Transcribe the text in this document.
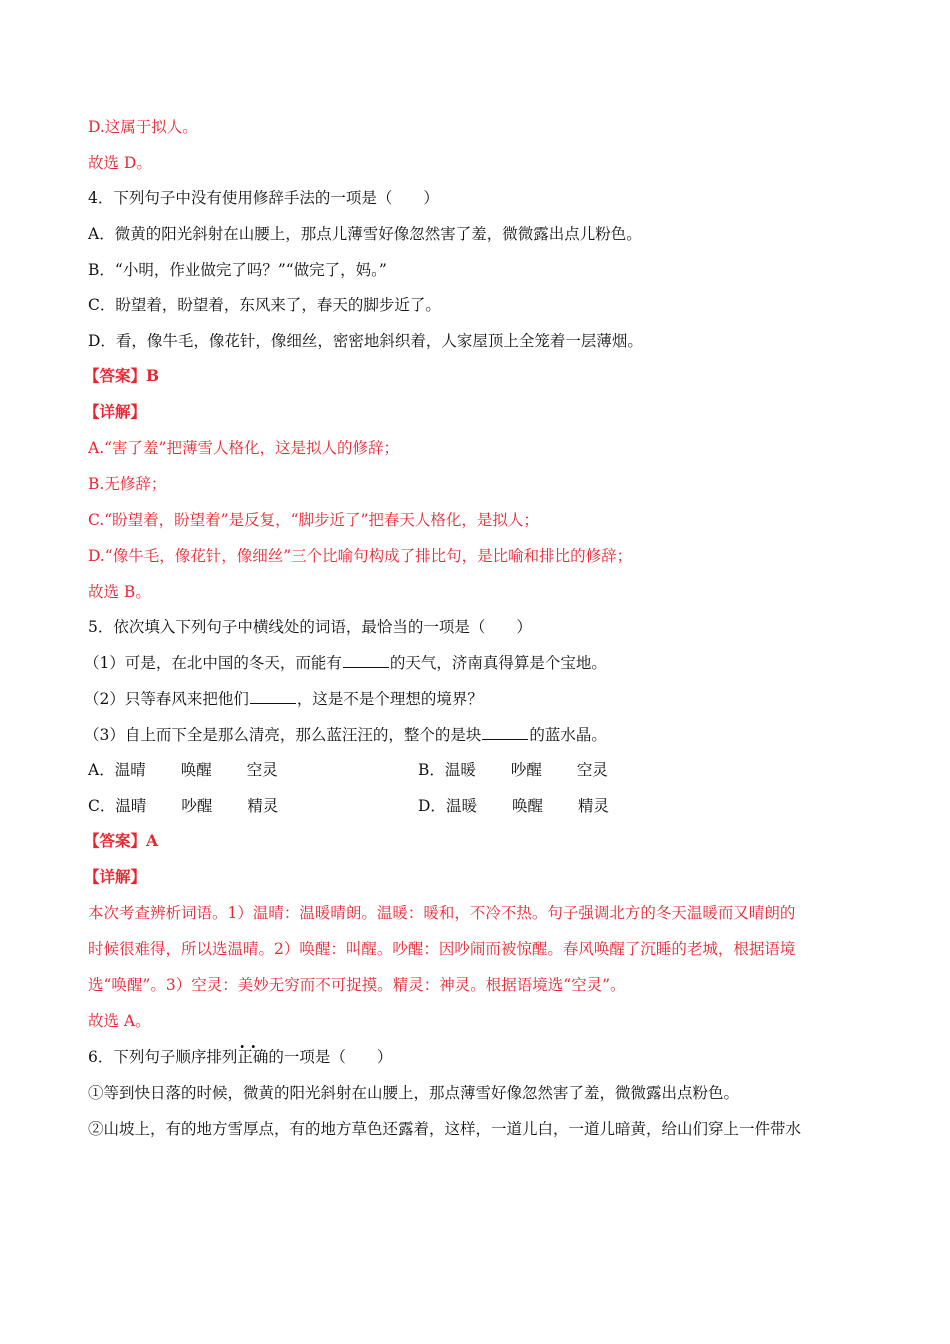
D.这属于拟人。
故选 D。
4．下列句子中没有使用修辞手法的一项是（　　）
A．微黄的阳光斜射在山腰上，那点儿薄雪好像忽然害了羞，微微露出点儿粉色。
B．“小明，作业做完了吗？”“做完了，妈。”
C．盼望着，盼望着，东风来了，春天的脚步近了。
D．看，像牛毛，像花针，像细丝，密密地斜织着，人家屋顶上全笼着一层薄烟。
【答案】B
【详解】
A.“害了羞”把薄雪人格化，这是拟人的修辞；
B.无修辞；
C.“盼望着，盼望着”是反复，“脚步近了”把春天人格化，是拟人；
D.“像牛毛，像花针，像细丝”三个比喻句构成了排比句，是比喻和排比的修辞；
故选 B。
5．依次填入下列句子中横线处的词语，最恰当的一项是（　　）
（1）可是，在北中国的冬天，而能有	的天气，济南真得算是个宝地。
（2）只等春风来把他们	，这是不是个理想的境界？
（3）自上而下全是那么清亮，那么蓝汪汪的，整个的是块	的蓝水晶。
A．温晴 唤醒 空灵	B．温暖 吵醒 空灵
C．温晴 吵醒 精灵	D．温暖 唤醒 精灵
【答案】A
【详解】
本次考查辨析词语。1）温晴：温暖晴朗。温暖：暖和，不冷不热。句子强调北方的冬天温暖而又晴朗的
时候很难得，所以选温晴。2）唤醒：叫醒。吵醒：因吵闹而被惊醒。春风唤醒了沉睡的老城，根据语境
选“唤醒”。3）空灵：美妙无穷而不可捉摸。精灵：神灵。根据语境选“空灵”。
故选 A。
6．下列句子顺序排列· · 正确的一项是（　　）
①等到快日落的时候，微黄的阳光斜射在山腰上，那点薄雪好像忽然害了羞，微微露出点粉色。
②山坡上，有的地方雪厚点，有的地方草色还露着，这样，一道儿白，一道儿暗黄，给山们穿上一件带水
